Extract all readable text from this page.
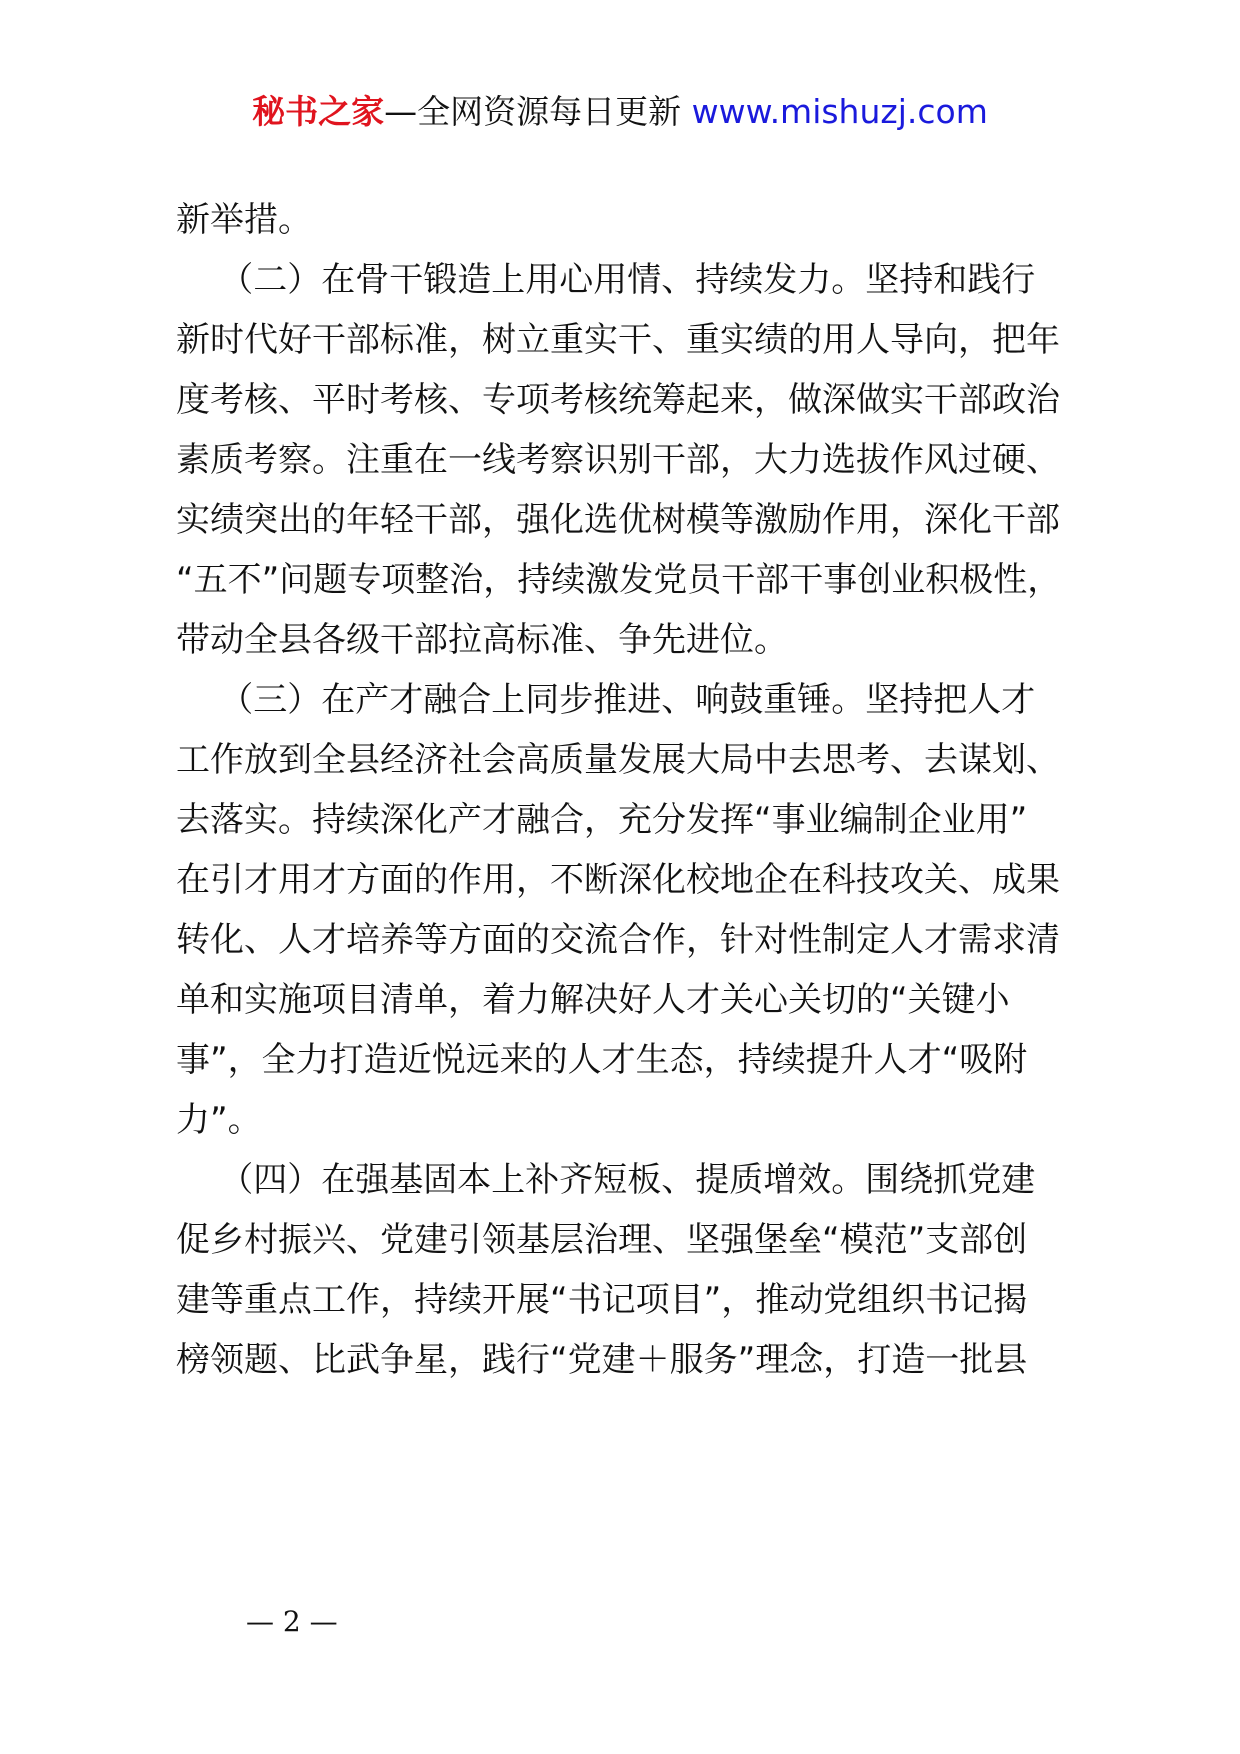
秘书之家—全网资源每日更新 www.mishuzj.com
新举措。
（二）在骨干锻造上用心用情、持续发力。坚持和践行
新时代好干部标准，树立重实干、重实绩的用人导向，把年
度考核、平时考核、专项考核统筹起来，做深做实干部政治
素质考察。注重在一线考察识别干部，大力选拔作风过硬、
实绩突出的年轻干部，强化选优树模等激励作用，深化干部
“五不”问题专项整治，持续激发党员干部干事创业积极性，
带动全县各级干部拉高标准、争先进位。
（三）在产才融合上同步推进、响鼓重锤。坚持把人才
工作放到全县经济社会高质量发展大局中去思考、去谋划、
去落实。持续深化产才融合，充分发挥“事业编制企业用”
在引才用才方面的作用，不断深化校地企在科技攻关、成果
转化、人才培养等方面的交流合作，针对性制定人才需求清
单和实施项目清单，着力解决好人才关心关切的“关键小
事”，全力打造近悦远来的人才生态，持续提升人才“吸附
力”。
（四）在强基固本上补齐短板、提质增效。围绕抓党建
促乡村振兴、党建引领基层治理、坚强堡垒“模范”支部创
建等重点工作，持续开展“书记项目”，推动党组织书记揭
榜领题、比武争星，践行“党建＋服务”理念，打造一批县
— 2 —
